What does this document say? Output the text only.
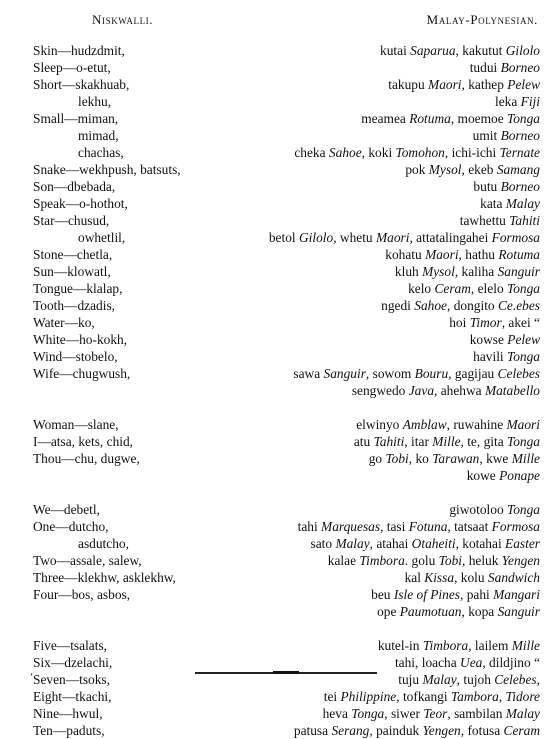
Niskwalli.	Malay-Polynesian.
Skin—hudzdmit,	kutai Saparua, kakutut Gilolo
Sleep—o-etut,	tudui Borneo
Short—skakhuab,	takupu Maori, kathep Pelew
lekhu,	leka Fiji
Small—miman,	meamea Rotuma, moemoe Tonga
mimad,	umit Borneo
chachas,	cheka Sahoe, koki Tomohon, ichi-ichi Ternate
Snake—wekhpush, batsuts,	pok Mysol, ekeb Samang
Son—dbebada,	butu Borneo
Speak—o-hothot,	kata Malay
Star—chusud,	tawhettu Tahiti
owhetlil,	betol Gilolo, whetu Maori, attatalingahei Formosa
Stone—chetla,	kohatu Maori, hathu Rotuma
Sun—klowatl,	kluh Mysol, kaliha Sanguir
Tongue—klalap,	kelo Ceram, elelo Tonga
Tooth—dzadis,	ngedi Sahoe, dongito Ce.ebes
Water—ko,	hoi Timor, akei “
White—ho-kokh,	kowse Pelew
Wind—stobelo,	havili Tonga
Wife—chugwush,	sawa Sanguir, sowom Bouru, gagijau Celebes
sengwedo Java, ahehwa Matabello
Woman—slane,	elwinyo Amblaw, ruwahine Maori
I—atsa, kets, chid,	atu Tahiti, itar Mille, te, gita Tonga
Thou—chu, dugwe,	go Tobi, ko Tarawan, kwe Mille
kowe Ponape
We—debetl,	giwotoloo Tonga
One—dutcho,	tahi Marquesas, tasi Fotuna, tatsaat Formosa
asdutcho,	sato Malay, atahai Otaheiti, kotahai Easter
Two—assale, salew,	kalae Timbora. golu Tobi, heluk Yengen
Three—klekhw, asklekhw,	kal Kissa, kolu Sandwich
Four—bos, asbos,	beu Isle of Pines, pahi Mangari
ope Paumotuan, kopa Sanguir
Five—tsalats,	kutel-in Timbora, lailem Mille
Six—dzelachi,	tahi, loacha Uea, dildjino “
Seven—tsoks,	tuju Malay, tujoh Celebes,
Eight—tkachi,	tei Philippine, tofkangi Tambora, Tidore
Nine—hwul,	heva Tonga, siwer Teor, sambilan Malay
Ten—paduts,	patusa Serang, painduk Yengen, fotusa Ceram
‘
